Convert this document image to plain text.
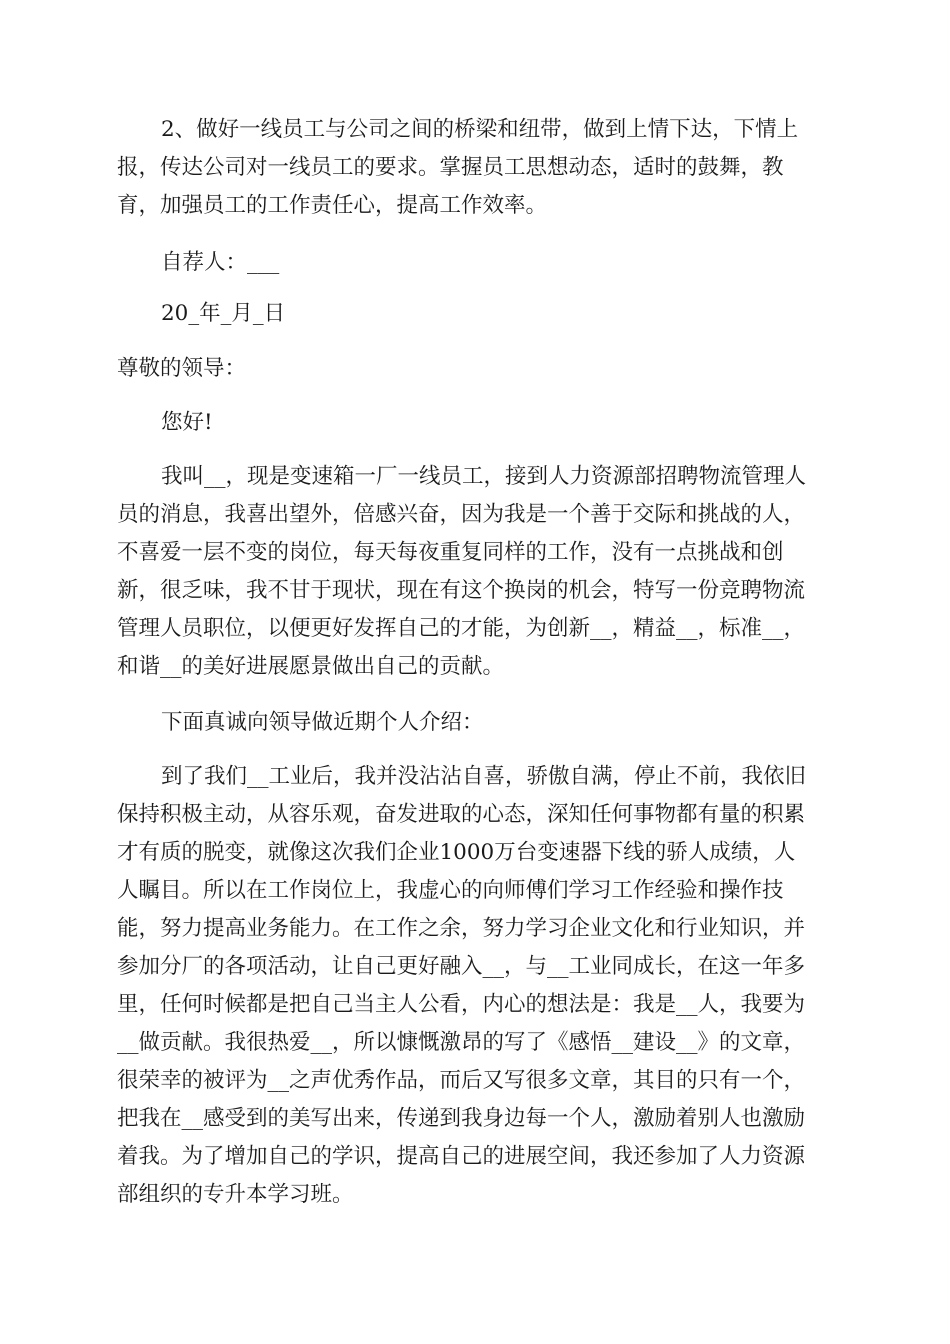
2、做好一线员工与公司之间的桥梁和纽带，做到上情下达，下情上
报，传达公司对一线员工的要求。掌握员工思想动态，适时的鼓舞，教
育，加强员工的工作责任心，提高工作效率。
自荐人：___
20_年_月_日
尊敬的领导：
您好!
我叫__，现是变速箱一厂一线员工，接到人力资源部招聘物流管理人
员的消息，我喜出望外，倍感兴奋，因为我是一个善于交际和挑战的人，
不喜爱一层不变的岗位，每天每夜重复同样的工作，没有一点挑战和创
新，很乏味，我不甘于现状，现在有这个换岗的机会，特写一份竞聘物流
管理人员职位，以便更好发挥自己的才能，为创新__，精益__，标准__，
和谐__的美好进展愿景做出自己的贡献。
下面真诚向领导做近期个人介绍：
到了我们__工业后，我并没沾沾自喜，骄傲自满，停止不前，我依旧
保持积极主动，从容乐观，奋发进取的心态，深知任何事物都有量的积累
才有质的脱变，就像这次我们企业1000万台变速器下线的骄人成绩，人
人瞩目。所以在工作岗位上，我虚心的向师傅们学习工作经验和操作技
能，努力提高业务能力。在工作之余，努力学习企业文化和行业知识，并
参加分厂的各项活动，让自己更好融入__，与__工业同成长，在这一年多
里，任何时候都是把自己当主人公看，内心的想法是：我是__人，我要为
__做贡献。我很热爱__，所以慷慨激昂的写了《感悟__建设__》的文章，
很荣幸的被评为__之声优秀作品，而后又写很多文章，其目的只有一个，
把我在__感受到的美写出来，传递到我身边每一个人，激励着别人也激励
着我。为了增加自己的学识，提高自己的进展空间，我还参加了人力资源
部组织的专升本学习班。
